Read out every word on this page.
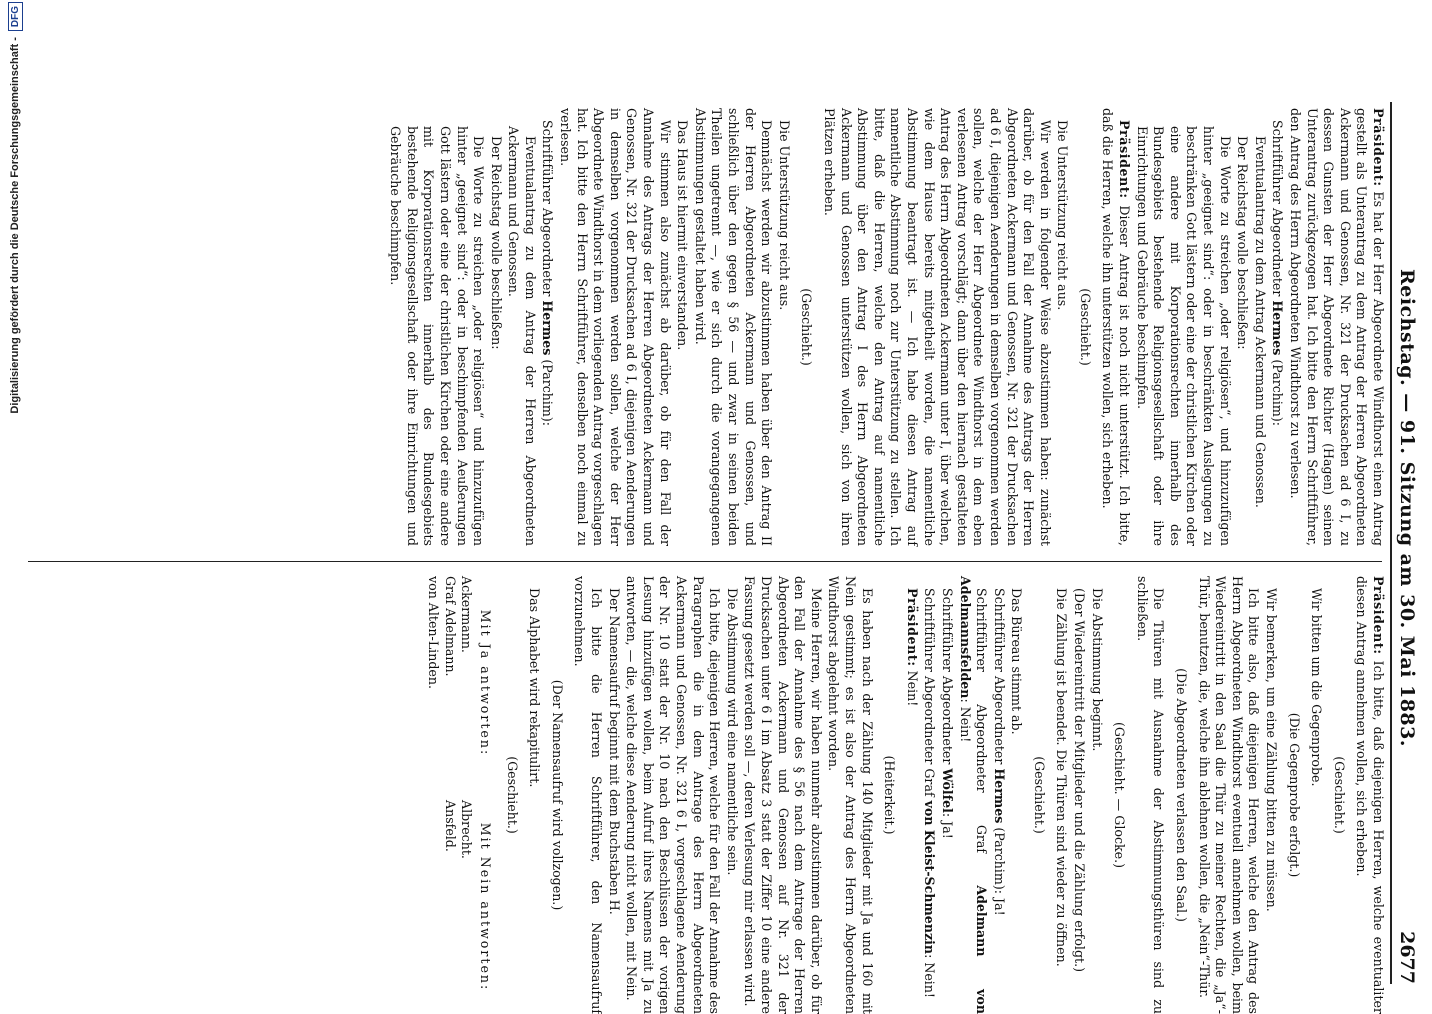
Digitalisierung gefördert durch die Deutsche Forschungsgemeinschaft -
DFG
Reichstag. — 91. Sitzung am 30. Mai 1883.
2677

Präsident: Es hat der Herr Abgeordnete Windthorst einen Antrag gestellt als Unterantrag zu dem Antrag der Herren Abgeordneten Ackermann und Genossen, Nr. 321 der Drucksachen ad 6 I, zu dessen Gunsten der Herr Abgeordnete Richter (Hagen) seinen Unterantrag zurückgezogen hat. Ich bitte den Herrn Schriftführer, den Antrag des Herrn Abgeordneten Windthorst zu verlesen.

Schriftführer Abgeordneter Hermes (Parchim):

Eventualantrag zu dem Antrag Ackermann und Genossen.

Der Reichstag wolle beschließen:

Die Worte zu streichen „oder religiösen“, und hinzuzufügen hinter „geeignet sind“: oder in beschränkten Auslegungen zu beschränken Gott lästern oder eine der christlichen Kirchen oder eine andere mit Korporationsrechten innerhalb des Bundesgebiets bestehende Religionsgesellschaft oder ihre Einrichtungen und Gebräuche beschimpfen.

Präsident: Dieser Antrag ist noch nicht unterstützt. Ich bitte, daß die Herren, welche ihn unterstützen wollen, sich erheben.

(Geschieht.)

Die Unterstützung reicht aus.

Wir werden in folgender Weise abzustimmen haben: zunächst darüber, ob für den Fall der Annahme des Antrags der Herren Abgeordneten Ackermann und Genossen, Nr. 321 der Drucksachen ad 6 I, diejenigen Aenderungen in demselben vorgenommen werden sollen, welche der Herr Abgeordnete Windthorst in dem eben verlesenen Antrag vorschlägt; dann über den hiernach gestalteten Antrag des Herrn Abgeordneten Ackermann unter I, über welchen, wie dem Hause bereits mitgetheilt worden, die namentliche Abstimmung beantragt ist. — Ich habe diesen Antrag auf namentliche Abstimmung noch zur Unterstützung zu stellen. Ich bitte, daß die Herren, welche den Antrag auf namentliche Abstimmung über den Antrag I des Herrn Abgeordneten Ackermann und Genossen unterstützen wollen, sich von ihren Plätzen erheben.

(Geschieht.)

Die Unterstützung reicht aus.

Demnächst werden wir abzustimmen haben über den Antrag II der Herren Abgeordneten Ackermann und Genossen, und schließlich über den gegen § 56 — und zwar in seinen beiden Theilen ungetrennt —, wie er sich durch die vorangegangenen Abstimmungen gestaltet haben wird.

Das Haus ist hiermit einverstanden.

Wir stimmen also zunächst ab darüber, ob für den Fall der Annahme des Antrags der Herren Abgeordneten Ackermann und Genossen, Nr. 321 der Drucksachen ad 6 I, diejenigen Aenderungen in demselben vorgenommen werden sollen, welche der Herr Abgeordnete Windthorst in dem vorliegenden Antrag vorgeschlagen hat. Ich bitte den Herrn Schriftführer, denselben noch einmal zu verlesen.

Schriftführer Abgeordneter Hermes (Parchim):

Eventualantrag zu dem Antrag der Herren Abgeordneten Ackermann und Genossen.

Der Reichstag wolle beschließen:

Die Worte zu streichen „oder religiösen“ und hinzuzufügen hinter „geeignet sind“: oder in beschimpfenden Aeußerungen Gott lästern oder eine der christlichen Kirchen oder eine andere mit Korporationsrechten innerhalb des Bundesgebiets bestehende Religionsgesellschaft oder ihre Einrichtungen und Gebräuche beschimpfen.

Präsident: Ich bitte, daß diejenigen Herren, welche eventualiter diesen Antrag annehmen wollen, sich erheben.

(Geschieht.)

Wir bitten um die Gegenprobe.

(Die Gegenprobe erfolgt.)

Wir bemerken, um eine Zählung bitten zu müssen.

Ich bitte also, daß diejenigen Herren, welche den Antrag des Herrn Abgeordneten Windthorst eventuell annehmen wollen, beim Wiedereintritt in den Saal die Thür zu meiner Rechten, die „Ja“-Thür, benutzen, die, welche ihn ablehnen wollen, die „Nein“-Thür.

(Die Abgeordneten verlassen den Saal.)

Die Thüren mit Ausnahme der Abstimmungsthüren sind zu schließen.

(Geschieht. — Glocke.)

Die Abstimmung beginnt.

(Der Wiedereintritt der Mitglieder und die Zählung erfolgt.)

Die Zählung ist beendet. Die Thüren sind wieder zu öffnen.

(Geschieht.)

Das Büreau stimmt ab.

Schriftführer Abgeordneter Hermes (Parchim): Ja!

Schriftführer Abgeordneter Graf Adelmann von Adelmannsfelden: Nein!

Schriftführer Abgeordneter Wölfel: Ja!

Schriftführer Abgeordneter Graf von Kleist-Schmenzin: Nein!

Präsident: Nein!

(Heiterkeit.)

Es haben nach der Zählung 140 Mitglieder mit Ja und 160 mit Nein gestimmt; es ist also der Antrag des Herrn Abgeordneten Windthorst abgelehnt worden.

Meine Herren, wir haben nunmehr abzustimmen darüber, ob für den Fall der Annahme des § 56 nach dem Antrage der Herren Abgeordneten Ackermann und Genossen auf Nr. 321 der Drucksachen unter 6 I im Absatz 3 statt der Ziffer 10 eine andere Fassung gesetzt werden soll —, deren Verlesung mir erlassen wird.

Die Abstimmung wird eine namentliche sein.

Ich bitte, diejenigen Herren, welche für den Fall der Annahme des Paragraphen die in dem Antrage des Herrn Abgeordneten Ackermann und Genossen, Nr. 321 6 I, vorgeschlagene Aenderung der Nr. 10 statt der Nr. 10 nach den Beschlüssen der vorigen Lesung hinzufügen wollen, beim Aufruf ihres Namens mit Ja zu antworten, — die, welche diese Aenderung nicht wollen, mit Nein.

Der Namensaufruf beginnt mit dem Buchstaben H.

Ich bitte die Herren Schriftführer, den Namensaufruf vorzunehmen.

(Der Namensaufruf wird vollzogen.)

Das Alphabet wird rekapitulirt.

(Geschieht.)

Mit Ja antworten:
Ackermann.
Graf Adelmann.
von Alten-Linden.
Mit Nein antworten:
Albrecht.
Ansfeld.
